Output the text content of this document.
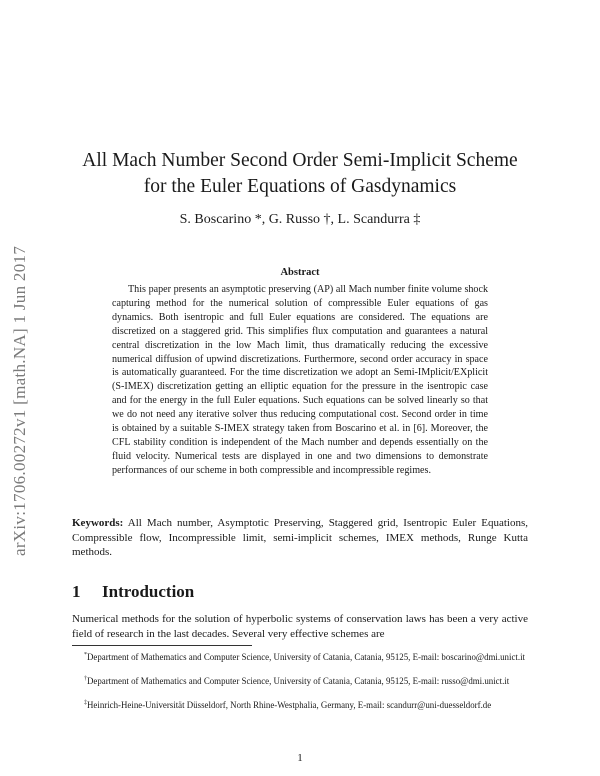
arXiv:1706.00272v1 [math.NA] 1 Jun 2017
All Mach Number Second Order Semi-Implicit Scheme
for the Euler Equations of Gasdynamics
S. Boscarino *, G. Russo †, L. Scandurra ‡
Abstract

This paper presents an asymptotic preserving (AP) all Mach number finite volume shock capturing method for the numerical solution of compressible Euler equations of gas dynamics. Both isentropic and full Euler equations are considered. The equations are discretized on a staggered grid. This simplifies flux computation and guarantees a natural central discretization in the low Mach limit, thus dramatically reducing the excessive numerical diffusion of upwind discretizations. Furthermore, second order accuracy in space is automatically guaranteed. For the time discretization we adopt an Semi-IMplicit/EXplicit (S-IMEX) discretization getting an elliptic equation for the pressure in the isentropic case and for the energy in the full Euler equations. Such equations can be solved linearly so that we do not need any iterative solver thus reducing computational cost. Second order in time is obtained by a suitable S-IMEX strategy taken from Boscarino et al. in [6]. Moreover, the CFL stability condition is independent of the Mach number and depends essentially on the fluid velocity. Numerical tests are displayed in one and two dimensions to demonstrate performances of our scheme in both compressible and incompressible regimes.

Keywords: All Mach number, Asymptotic Preserving, Staggered grid, Isentropic Euler Equations, Compressible flow, Incompressible limit, semi-implicit schemes, IMEX methods, Runge Kutta methods.

1 Introduction

Numerical methods for the solution of hyperbolic systems of conservation laws has been a very active field of research in the last decades. Several very effective schemes are

*Department of Mathematics and Computer Science, University of Catania, Catania, 95125, E-mail: boscarino@dmi.unict.it

†Department of Mathematics and Computer Science, University of Catania, Catania, 95125, E-mail: russo@dmi.unict.it

‡Heinrich-Heine-Universität Düsseldorf, North Rhine-Westphalia, Germany, E-mail: scandurr@uni-duesseldorf.de

1
